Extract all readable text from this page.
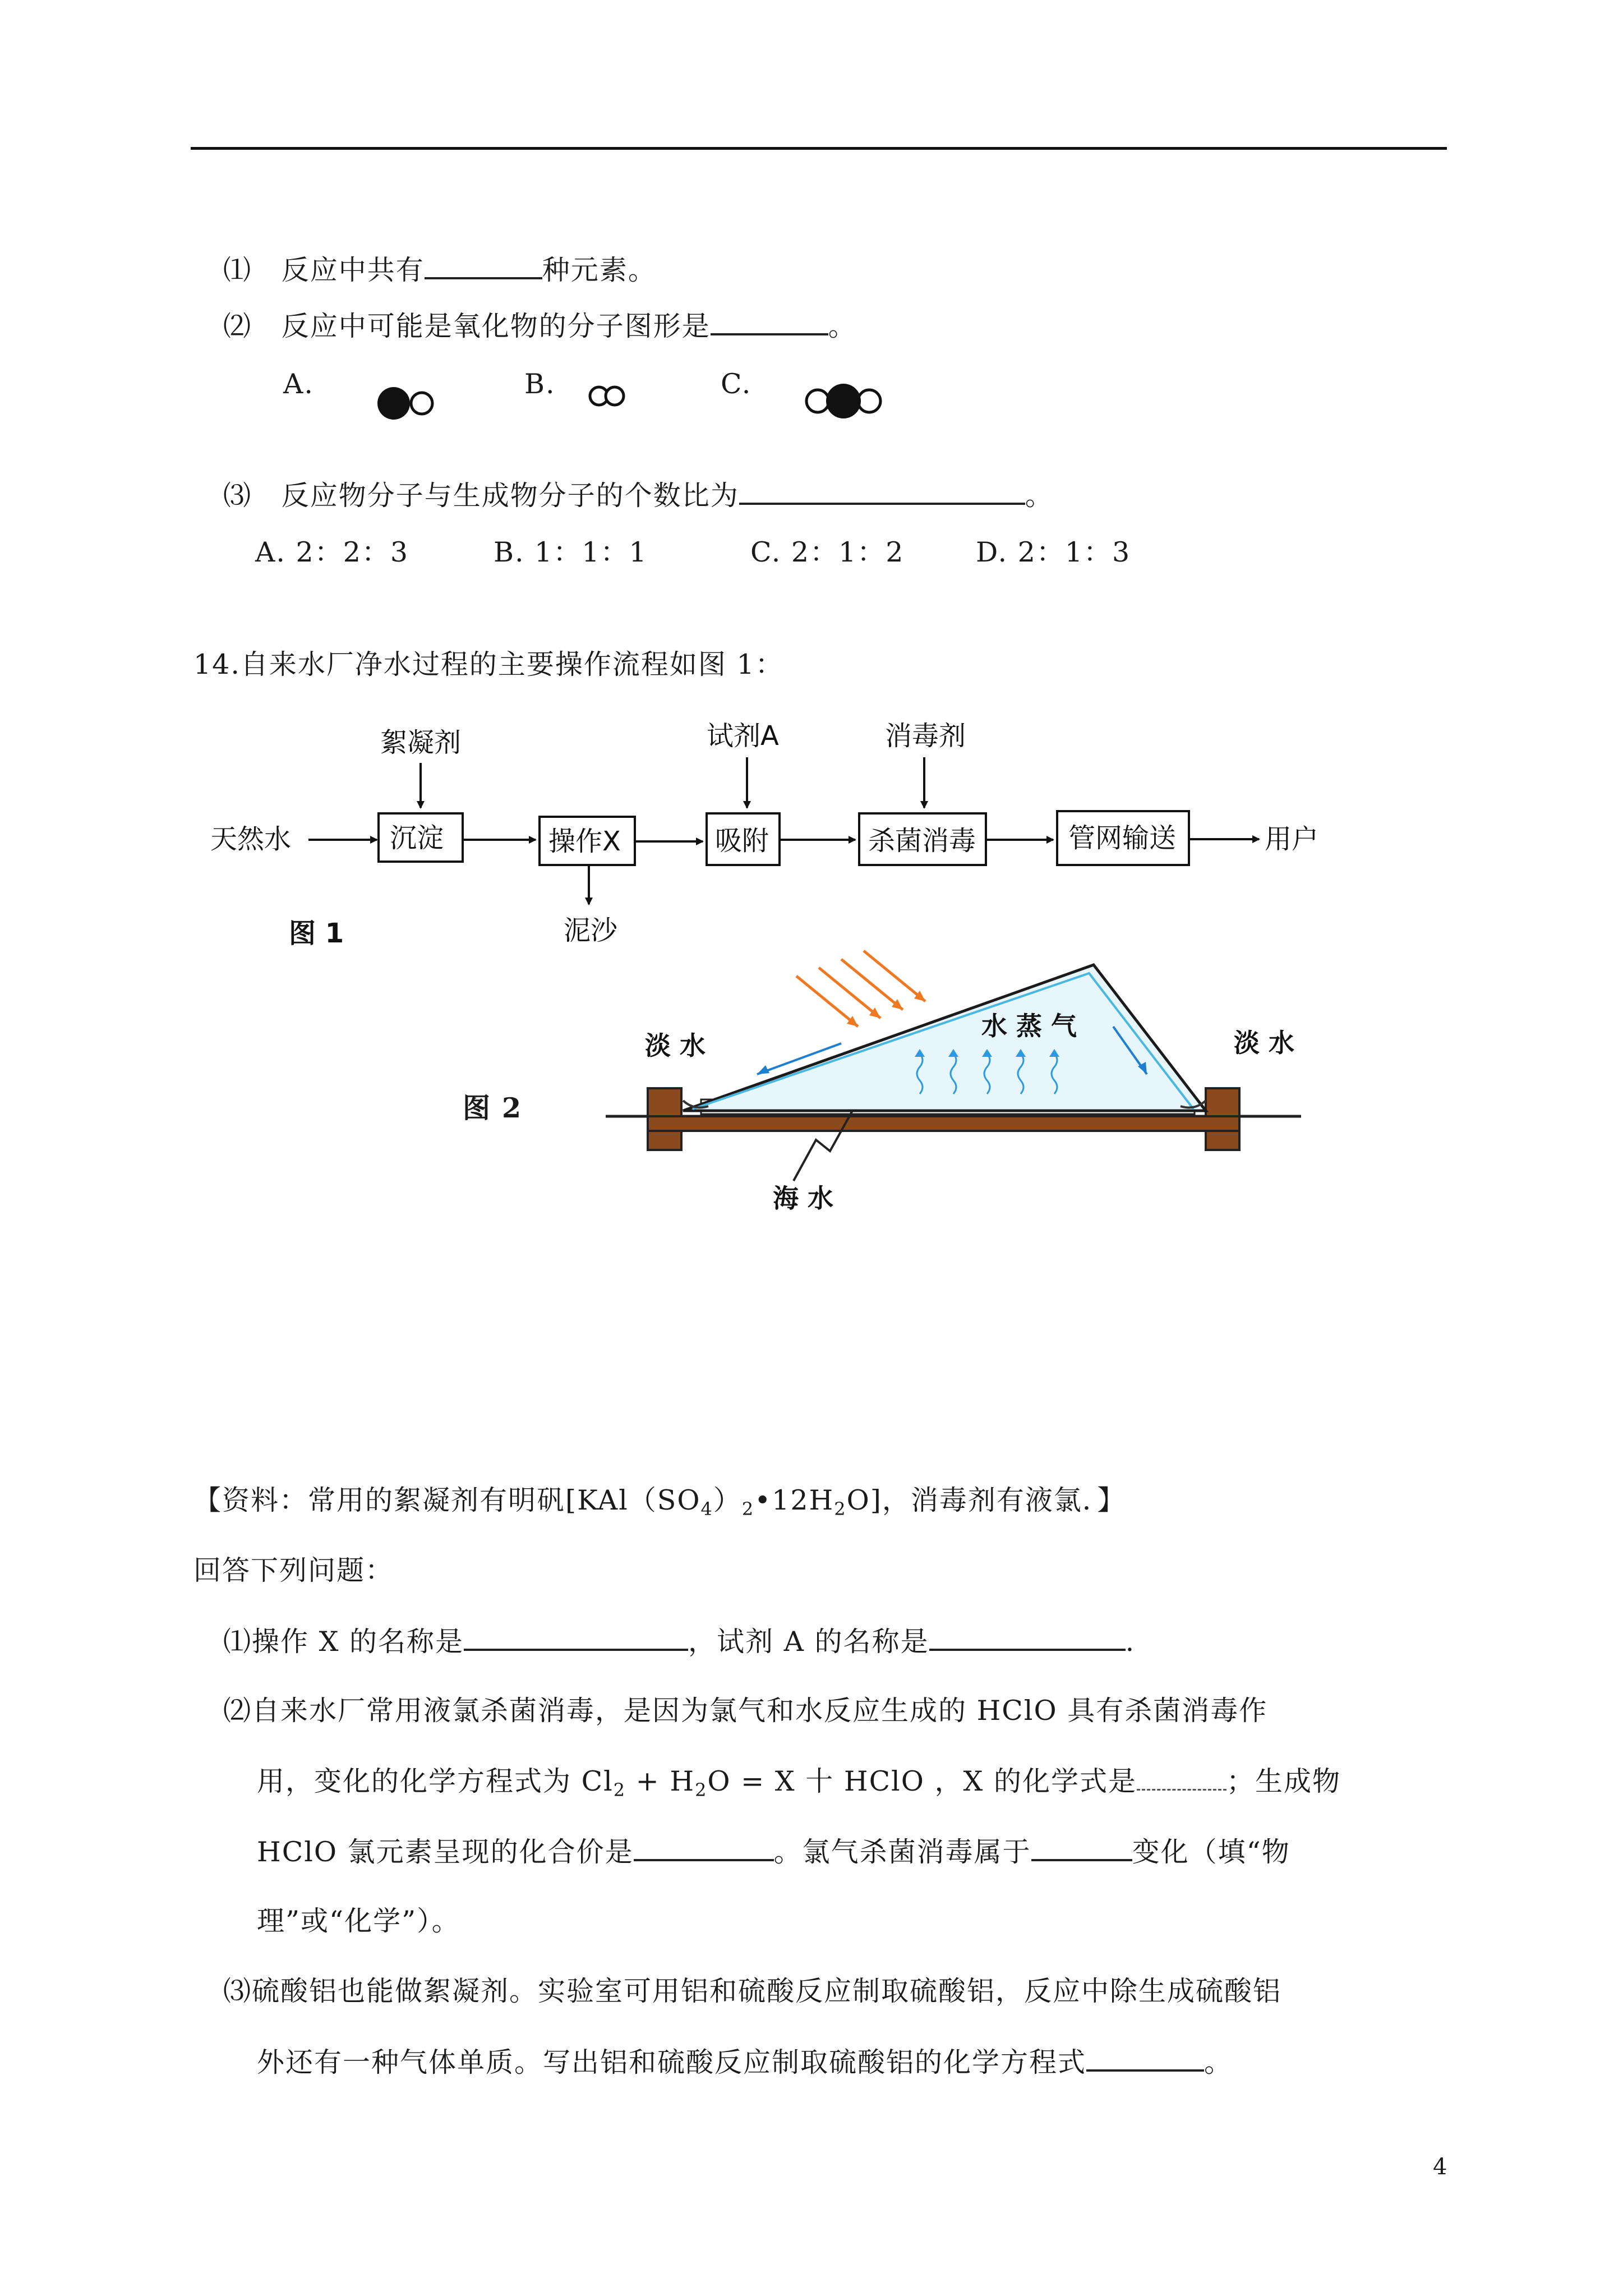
⑴ 反应中共有	种元素。
⑵ 反应中可能是氧化物的分子图形是	。
A.	B.	C.
⑶ 反应物分子与生成物分子的个数比为	。
A. 2：2：3	B. 1：1：1	C. 2：1：2	D. 2：1：3
14.自来水厂净水过程的主要操作流程如图 1：
天然水
絮凝剂
沉淀	操作X
泥沙
试剂A
吸附
消毒剂
杀菌消毒	管网输送	用户
图 1
图 2
淡 水
水 蒸 气
淡 水
海 水
【资料：常用的絮凝剂有明矾$[KAl(SO_4)_2•12H_2O]$，消毒剂有液氯．】
回答下列问题：
⑴操作 X 的名称是	，试剂 A 的名称是	.
⑵自来水厂常用液氯杀菌消毒，是因为氯气和水反应生成的 HClO 具有杀菌消毒作
用，变化的化学方程式为 $Cl_2 + H_2O = X$ 十 HClO ，X 的化学式是	；生成物
HClO 氯元素呈现的化合价是	。氯气杀菌消毒属于	变化（填“物
理”或“化学”）。
⑶硫酸铝也能做絮凝剂。实验室可用铝和硫酸反应制取硫酸铝，反应中除生成硫酸铝
外还有一种气体单质。写出铝和硫酸反应制取硫酸铝的化学方程式	。
4
